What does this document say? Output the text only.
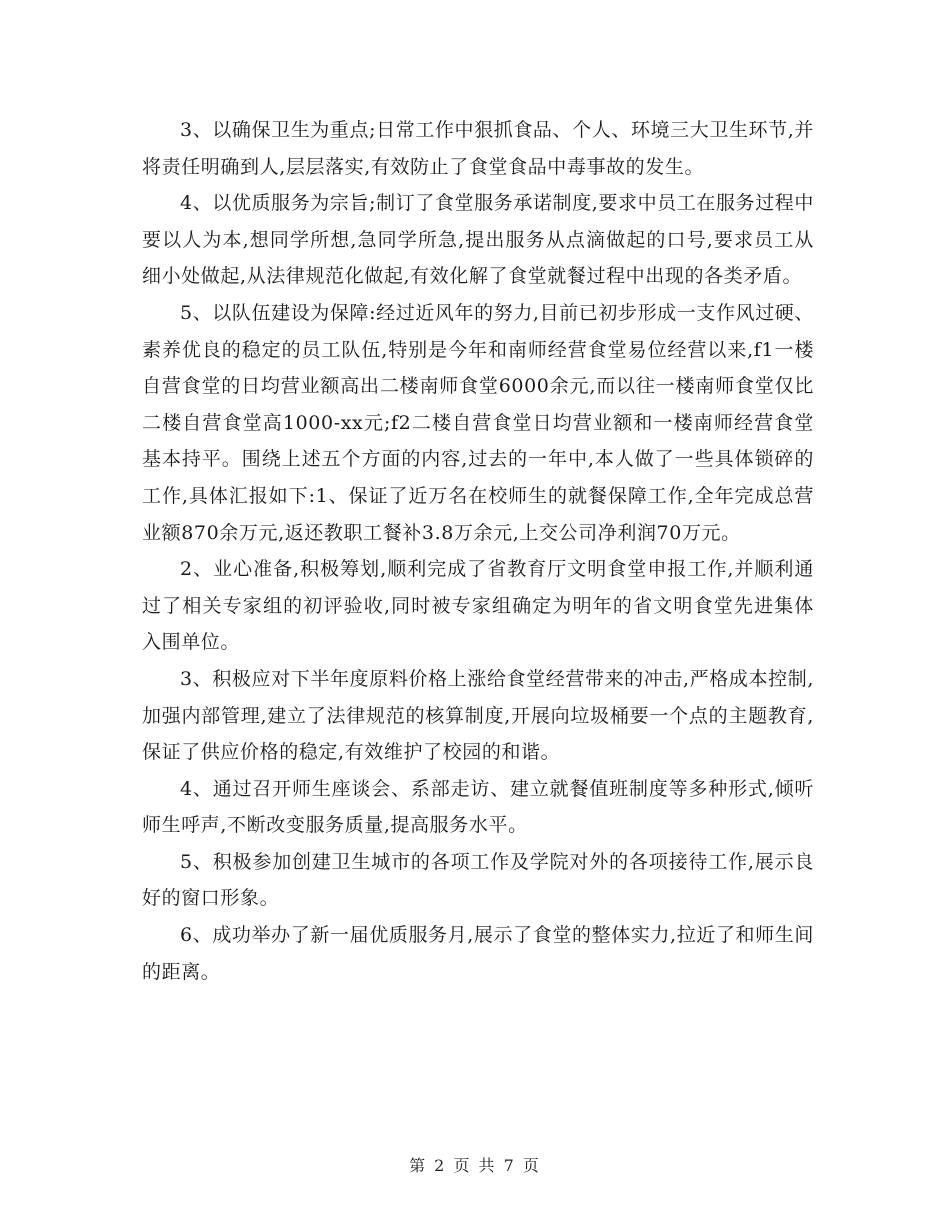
3、以确保卫生为重点;日常工作中狠抓食品、个人、环境三大卫生环节,并将责任明确到人,层层落实,有效防止了食堂食品中毒事故的发生。

4、以优质服务为宗旨;制订了食堂服务承诺制度,要求中员工在服务过程中要以人为本,想同学所想,急同学所急,提出服务从点滴做起的口号,要求员工从细小处做起,从法律规范化做起,有效化解了食堂就餐过程中出现的各类矛盾。

5、以队伍建设为保障:经过近风年的努力,目前已初步形成一支作风过硬、素养优良的稳定的员工队伍,特别是今年和南师经营食堂易位经营以来,f1一楼自营食堂的日均营业额高出二楼南师食堂6000余元,而以往一楼南师食堂仅比二楼自营食堂高1000-xx元;f2二楼自营食堂日均营业额和一楼南师经营食堂基本持平。围绕上述五个方面的内容,过去的一年中,本人做了一些具体锁碎的工作,具体汇报如下:1、保证了近万名在校师生的就餐保障工作,全年完成总营业额870余万元,返还教职工餐补3.8万余元,上交公司净利润70万元。

2、业心准备,积极筹划,顺利完成了省教育厅文明食堂申报工作,并顺利通过了相关专家组的初评验收,同时被专家组确定为明年的省文明食堂先进集体入围单位。

3、积极应对下半年度原料价格上涨给食堂经营带来的冲击,严格成本控制,加强内部管理,建立了法律规范的核算制度,开展向垃圾桶要一个点的主题教育,保证了供应价格的稳定,有效维护了校园的和谐。

4、通过召开师生座谈会、系部走访、建立就餐值班制度等多种形式,倾听师生呼声,不断改变服务质量,提高服务水平。

5、积极参加创建卫生城市的各项工作及学院对外的各项接待工作,展示良好的窗口形象。

6、成功举办了新一届优质服务月,展示了食堂的整体实力,拉近了和师生间的距离。

第 2 页 共 7 页
